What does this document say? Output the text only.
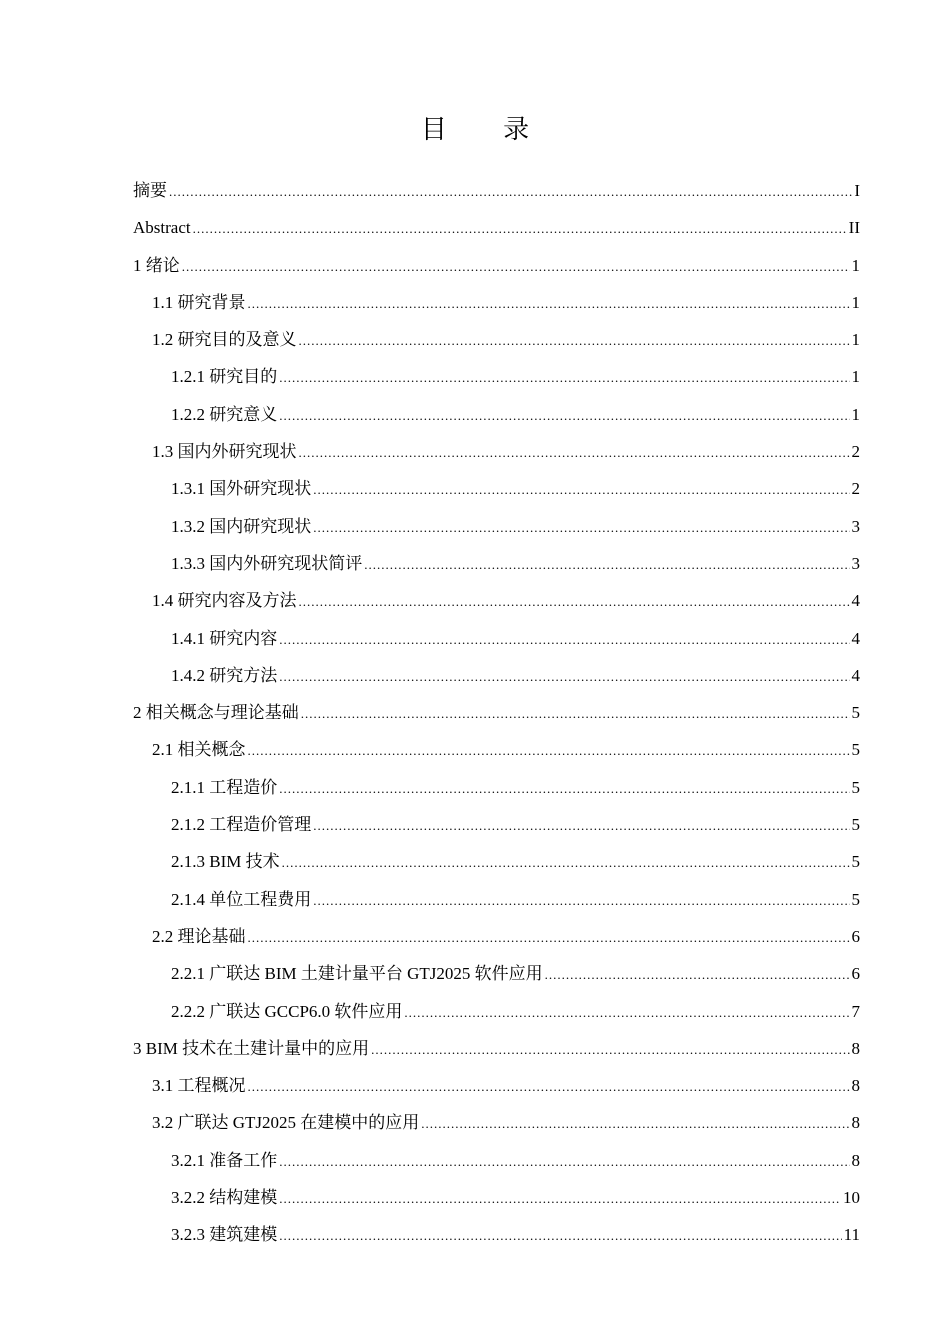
目 录
摘要 .....	I
Abstract .....	II
1 绪论 .....	1
1.1 研究背景 .....	1
1.2 研究目的及意义 .....	1
1.2.1 研究目的 .....	1
1.2.2 研究意义 .....	1
1.3 国内外研究现状 .....	2
1.3.1 国外研究现状 .....	2
1.3.2 国内研究现状 .....	3
1.3.3 国内外研究现状简评 .....	3
1.4 研究内容及方法 .....	4
1.4.1 研究内容 .....	4
1.4.2 研究方法 .....	4
2 相关概念与理论基础 .....	5
2.1 相关概念 .....	5
2.1.1 工程造价 .....	5
2.1.2 工程造价管理 .....	5
2.1.3 BIM 技术 .....	5
2.1.4 单位工程费用 .....	5
2.2 理论基础 .....	6
2.2.1 广联达 BIM 土建计量平台 GTJ2025 软件应用 .....	6
2.2.2 广联达 GCCP6.0 软件应用 .....	7
3 BIM 技术在土建计量中的应用 .....	8
3.1 工程概况 .....	8
3.2 广联达 GTJ2025 在建模中的应用 .....	8
3.2.1 准备工作 .....	8
3.2.2 结构建模 .....	10
3.2.3 建筑建模 .....	11
